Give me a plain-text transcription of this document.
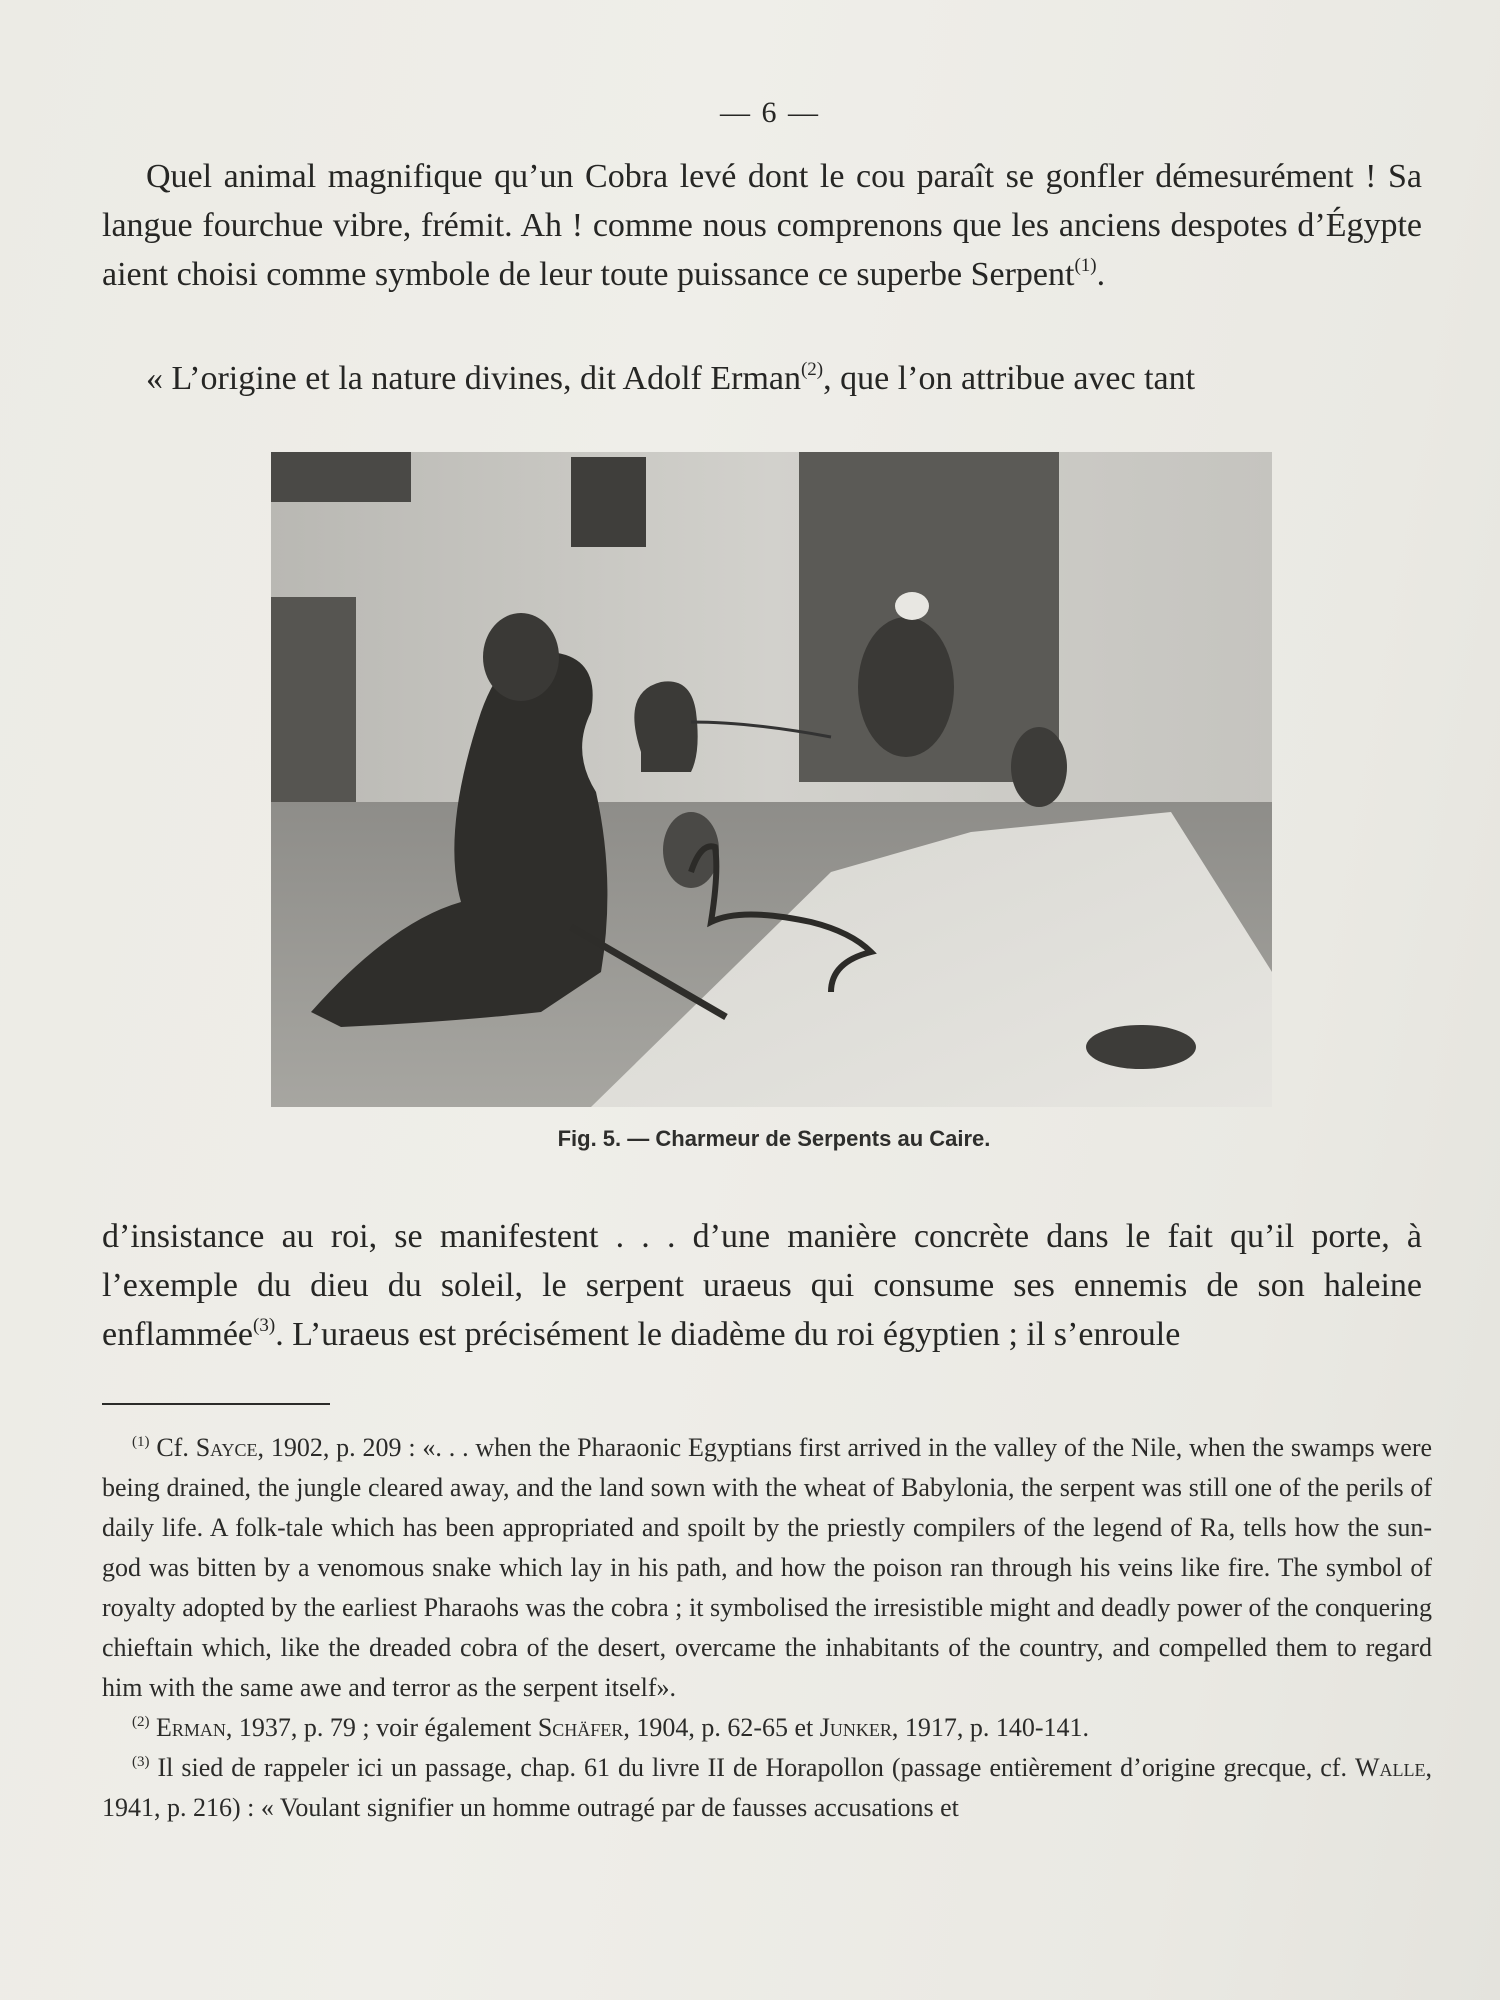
— 6 —

Quel animal magnifique qu’un Cobra levé dont le cou paraît se gonfler démesurément ! Sa langue fourchue vibre, frémit. Ah ! comme nous comprenons que les anciens despotes d’Égypte aient choisi comme symbole de leur toute puissance ce superbe Serpent$^{(1)}$.

« L’origine et la nature divines, dit Adolf Erman$^{(2)}$, que l’on attribue avec tant

Fig. 5. — Charmeur de Serpents au Caire.

d’insistance au roi, se manifestent . . . d’une manière concrète dans le fait qu’il porte, à l’exemple du dieu du soleil, le serpent uraeus qui consume ses ennemis de son haleine enflammée$^{(3)}$. L’uraeus est précisément le diadème du roi égyptien ; il s’enroule

$^{(1)}$ Cf. Sayce, 1902, p. 209 : «. . . when the Pharaonic Egyptians first arrived in the valley of the Nile, when the swamps were being drained, the jungle cleared away, and the land sown with the wheat of Babylonia, the serpent was still one of the perils of daily life. A folk-tale which has been appropriated and spoilt by the priestly compilers of the legend of Ra, tells how the sun-god was bitten by a venomous snake which lay in his path, and how the poison ran through his veins like fire. The symbol of royalty adopted by the earliest Pharaohs was the cobra ; it symbolised the irresistible might and deadly power of the conquering chieftain which, like the dreaded cobra of the desert, overcame the inhabitants of the country, and compelled them to regard him with the same awe and terror as the serpent itself».

$^{(2)}$ Erman, 1937, p. 79 ; voir également Schäfer, 1904, p. 62-65 et Junker, 1917, p. 140-141.

$^{(3)}$ Il sied de rappeler ici un passage, chap. 61 du livre II de Horapollon (passage entièrement d’origine grecque, cf. Walle, 1941, p. 216) : « Voulant signifier un homme outragé par de fausses accusations et
